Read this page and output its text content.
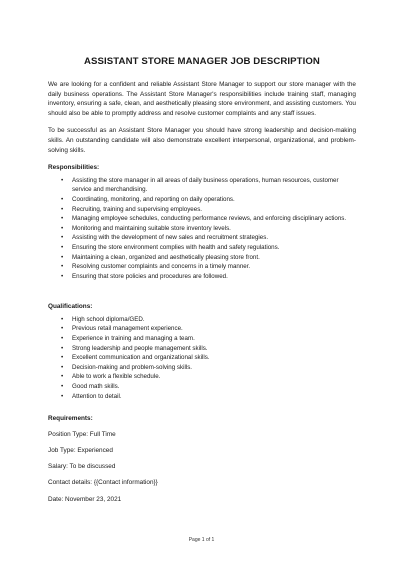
ASSISTANT STORE MANAGER JOB DESCRIPTION

We are looking for a confident and reliable Assistant Store Manager to support our store manager with the daily business operations. The Assistant Store Manager's responsibilities include training staff, managing inventory, ensuring a safe, clean, and aesthetically pleasing store environment, and assisting customers. You should also be able to promptly address and resolve customer complaints and any staff issues.

To be successful as an Assistant Store Manager you should have strong leadership and decision-making skills. An outstanding candidate will also demonstrate excellent interpersonal, organizational, and problem-solving skills.

Responsibilities:
• Assisting the store manager in all areas of daily business operations, human resources, customer service and merchandising.
• Coordinating, monitoring, and reporting on daily operations.
• Recruiting, training and supervising employees.
• Managing employee schedules, conducting performance reviews, and enforcing disciplinary actions.
• Monitoring and maintaining suitable store inventory levels.
• Assisting with the development of new sales and recruitment strategies.
• Ensuring the store environment complies with health and safety regulations.
• Maintaining a clean, organized and aesthetically pleasing store front.
• Resolving customer complaints and concerns in a timely manner.
• Ensuring that store policies and procedures are followed.
Qualifications:
• High school diploma/GED.
• Previous retail management experience.
• Experience in training and managing a team.
• Strong leadership and people management skills.
• Excellent communication and organizational skills.
• Decision-making and problem-solving skills.
• Able to work a flexible schedule.
• Good math skills.
• Attention to detail.
Requirements:
Position Type: Full Time
Job Type: Experienced
Salary: To be discussed
Contact details: {{Contact information}}
Date: November 23, 2021
Page 1 of 1
